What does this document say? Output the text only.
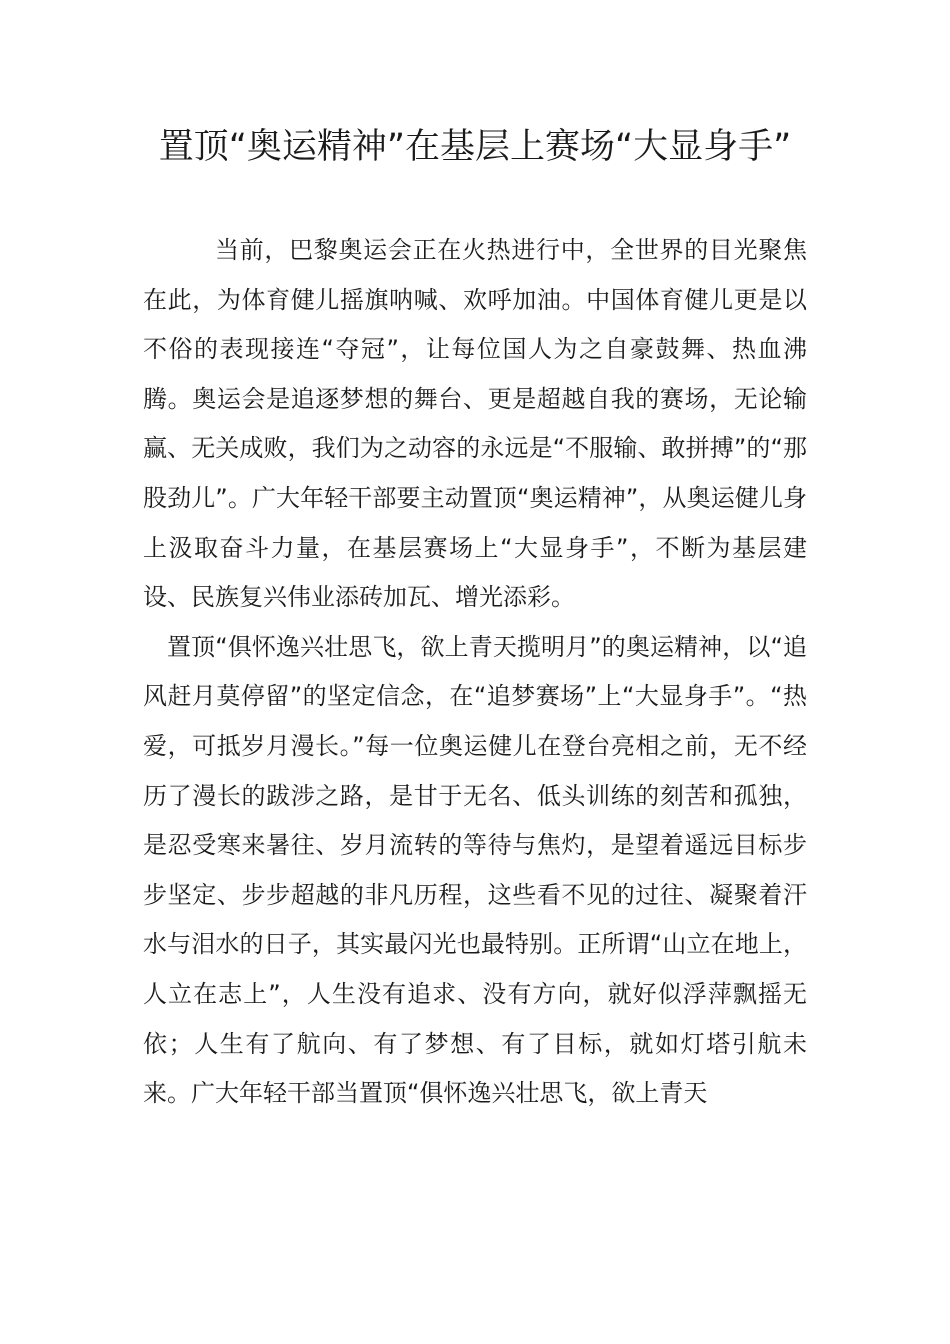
置顶“奥运精神”在基层上赛场“大显身手”

当前，巴黎奥运会正在火热进行中，全世界的目光聚焦在此，为体育健儿摇旗呐喊、欢呼加油。中国体育健儿更是以不俗的表现接连“夺冠”，让每位国人为之自豪鼓舞、热血沸腾。奥运会是追逐梦想的舞台、更是超越自我的赛场，无论输赢、无关成败，我们为之动容的永远是“不服输、敢拼搏”的“那股劲儿”。广大年轻干部要主动置顶“奥运精神”，从奥运健儿身上汲取奋斗力量，在基层赛场上“大显身手”，不断为基层建设、民族复兴伟业添砖加瓦、增光添彩。

置顶“俱怀逸兴壮思飞，欲上青天揽明月”的奥运精神，以“追风赶月莫停留”的坚定信念，在“追梦赛场”上“大显身手”。“热爱，可抵岁月漫长。”每一位奥运健儿在登台亮相之前，无不经历了漫长的跋涉之路，是甘于无名、低头训练的刻苦和孤独，是忍受寒来暑往、岁月流转的等待与焦灼，是望着遥远目标步步坚定、步步超越的非凡历程，这些看不见的过往、凝聚着汗水与泪水的日子，其实最闪光也最特别。正所谓“山立在地上，人立在志上”，人生没有追求、没有方向，就好似浮萍飘摇无依；人生有了航向、有了梦想、有了目标，就如灯塔引航未来。广大年轻干部当置顶“俱怀逸兴壮思飞，欲上青天
